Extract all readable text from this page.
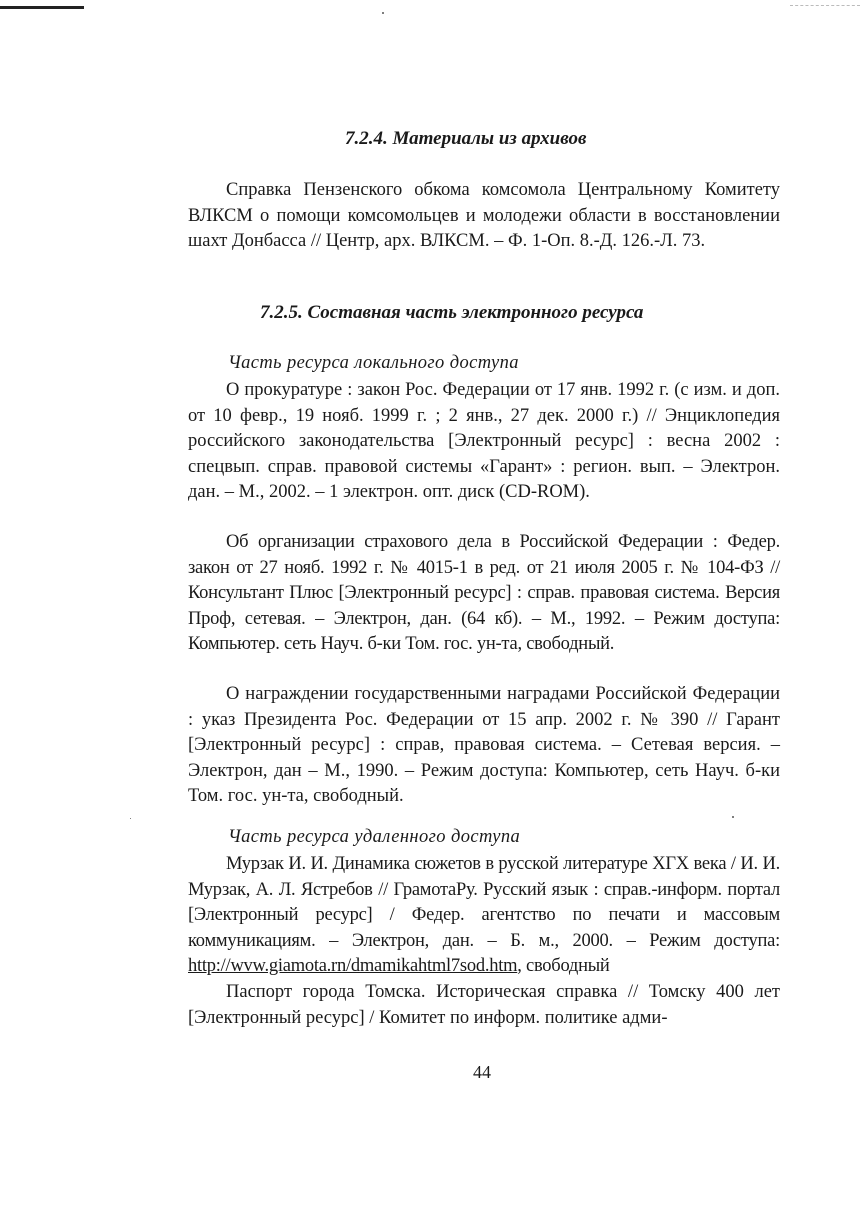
7.2.4. Материалы из архивов
Справка Пензенского обкома комсомола Центральному Комитету ВЛКСМ о помощи комсомольцев и молодежи области в восстановлении шахт Донбасса // Центр, арх. ВЛКСМ. – Ф. 1-Оп. 8.-Д. 126.-Л. 73.
7.2.5. Составная часть электронного ресурса
Часть ресурса локального доступа
О прокуратуре : закон Рос. Федерации от 17 янв. 1992 г. (с изм. и доп. от 10 февр., 19 нояб. 1999 г. ; 2 янв., 27 дек. 2000 г.) // Энциклопедия российского законодательства [Электронный ресурс] : весна 2002 : спецвып. справ. правовой системы «Гарант» : регион. вып. – Электрон. дан. – М., 2002. – 1 электрон. опт. диск (CD-ROM).
Об организации страхового дела в Российской Федерации : Федер. закон от 27 нояб. 1992 г. № 4015-1 в ред. от 21 июля 2005 г. № 104-ФЗ // Консультант Плюс [Электронный ресурс] : справ. правовая система. Версия Проф, сетевая. – Электрон, дан. (64 кб). – М., 1992. – Режим доступа: Компьютер. сеть Науч. б-ки Том. гос. ун-та, свободный.
О награждении государственными наградами Российской Федерации : указ Президента Рос. Федерации от 15 апр. 2002 г. № 390 // Гарант [Электронный ресурс] : справ, правовая система. – Сетевая версия. – Электрон, дан – М., 1990. – Режим доступа: Компьютер, сеть Науч. б-ки Том. гос. ун-та, свободный.
Часть ресурса удаленного доступа
Мурзак И. И. Динамика сюжетов в русской литературе ХГХ века / И. И. Мурзак, А. Л. Ястребов // ГрамотаРу. Русский язык : справ.-информ. портал [Электронный ресурс] / Федер. агентство по печати и массовым коммуникациям. – Электрон, дан. – Б. м., 2000. – Режим доступа: http://wvw.giamota.rn/dmamikahtml7sod.htm, свободный
Паспорт города Томска. Историческая справка // Томску 400 лет [Электронный ресурс] / Комитет по информ. политике адми-
44
